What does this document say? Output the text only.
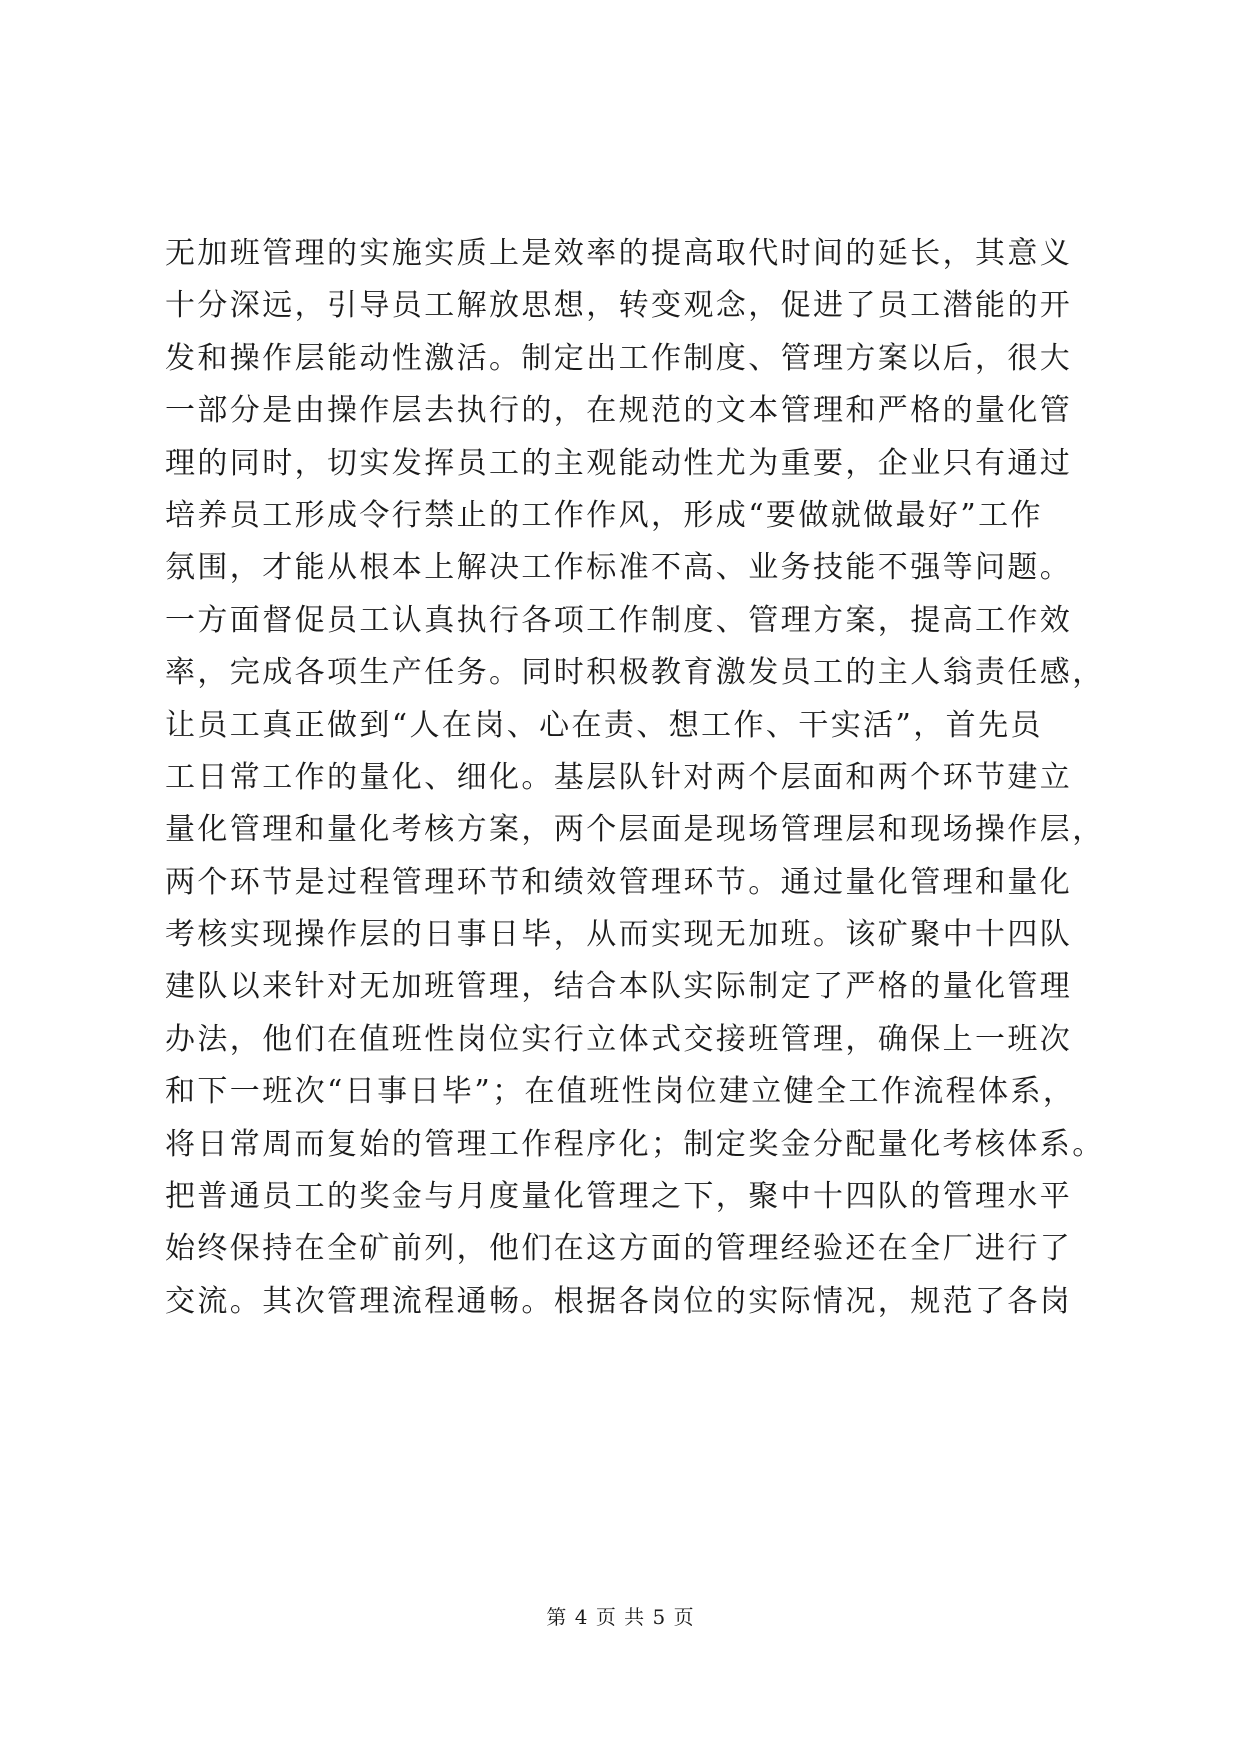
无加班管理的实施实质上是效率的提高取代时间的延长，其意义
十分深远，引导员工解放思想，转变观念，促进了员工潜能的开
发和操作层能动性激活。制定出工作制度、管理方案以后，很大
一部分是由操作层去执行的，在规范的文本管理和严格的量化管
理的同时，切实发挥员工的主观能动性尤为重要，企业只有通过
培养员工形成令行禁止的工作作风，形成“要做就做最好”工作
氛围，才能从根本上解决工作标准不高、业务技能不强等问题。
一方面督促员工认真执行各项工作制度、管理方案，提高工作效
率，完成各项生产任务。同时积极教育激发员工的主人翁责任感，
让员工真正做到“人在岗、心在责、想工作、干实活”，首先员
工日常工作的量化、细化。基层队针对两个层面和两个环节建立
量化管理和量化考核方案，两个层面是现场管理层和现场操作层，
两个环节是过程管理环节和绩效管理环节。通过量化管理和量化
考核实现操作层的日事日毕，从而实现无加班。该矿聚中十四队
建队以来针对无加班管理，结合本队实际制定了严格的量化管理
办法，他们在值班性岗位实行立体式交接班管理，确保上一班次
和下一班次“日事日毕”；在值班性岗位建立健全工作流程体系，
将日常周而复始的管理工作程序化；制定奖金分配量化考核体系。
把普通员工的奖金与月度量化管理之下，聚中十四队的管理水平
始终保持在全矿前列，他们在这方面的管理经验还在全厂进行了
交流。其次管理流程通畅。根据各岗位的实际情况，规范了各岗
第 4 页 共 5 页
